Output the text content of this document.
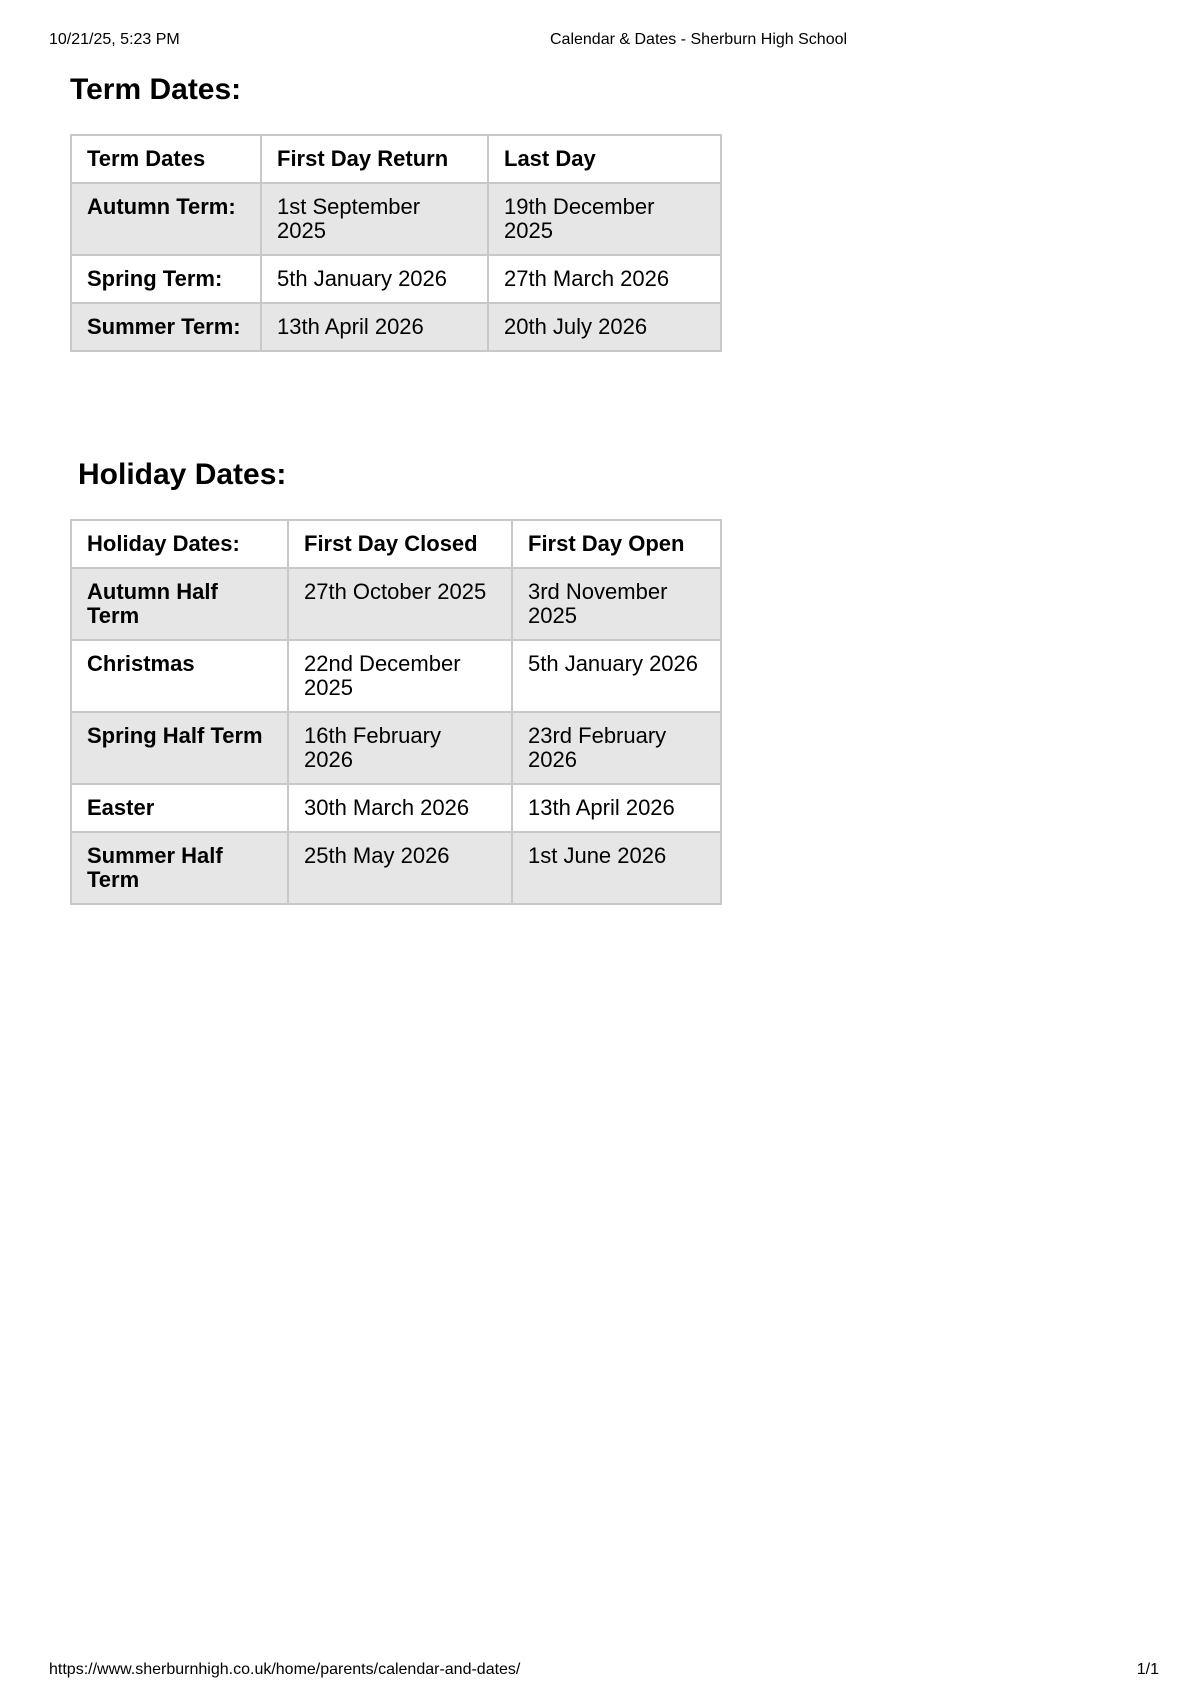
10/21/25, 5:23 PM	Calendar & Dates - Sherburn High School
Term Dates:
Term Dates	First Day Return	Last Day
Autumn Term:	1st September 2025	19th December 2025
Spring Term:	5th January 2026	27th March 2026
Summer Term:	13th April 2026	20th July 2026
Holiday Dates:
Holiday Dates:	First Day Closed	First Day Open
Autumn Half Term	27th October 2025	3rd November 2025
Christmas	22nd December 2025	5th January 2026
Spring Half Term	16th February 2026	23rd February 2026
Easter	30th March 2026	13th April 2026
Summer Half Term	25th May 2026	1st June 2026
https://www.sherburnhigh.co.uk/home/parents/calendar-and-dates/	1/1
